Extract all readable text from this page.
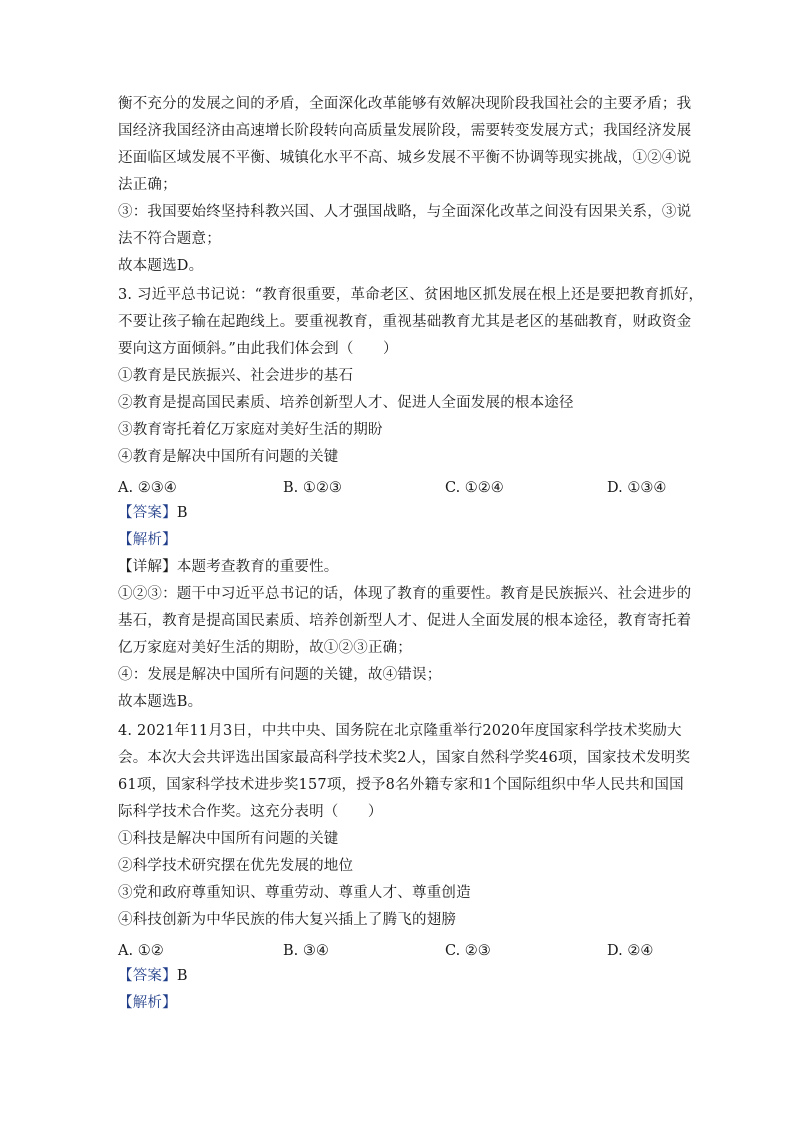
衡不充分的发展之间的矛盾，全面深化改革能够有效解决现阶段我国社会的主要矛盾；我
国经济我国经济由高速增长阶段转向高质量发展阶段，需要转变发展方式；我国经济发展
还面临区域发展不平衡、城镇化水平不高、城乡发展不平衡不协调等现实挑战，①②④说
法正确；
③：我国要始终坚持科教兴国、人才强国战略，与全面深化改革之间没有因果关系，③说
法不符合题意；
故本题选D。
3. 习近平总书记说：“教育很重要，革命老区、贫困地区抓发展在根上还是要把教育抓好，
不要让孩子输在起跑线上。要重视教育，重视基础教育尤其是老区的基础教育，财政资金
要向这方面倾斜。”由此我们体会到（　　）
①教育是民族振兴、社会进步的基石
②教育是提高国民素质、培养创新型人才、促进人全面发展的根本途径
③教育寄托着亿万家庭对美好生活的期盼
④教育是解决中国所有问题的关键
A. ②③④	B. ①②③	C. ①②④	D. ①③④
【答案】B
【解析】
【详解】本题考查教育的重要性。
①②③：题干中习近平总书记的话，体现了教育的重要性。教育是民族振兴、社会进步的
基石，教育是提高国民素质、培养创新型人才、促进人全面发展的根本途径，教育寄托着
亿万家庭对美好生活的期盼，故①②③正确；
④：发展是解决中国所有问题的关键，故④错误；
故本题选B。
4. 2021年11月3日，中共中央、国务院在北京隆重举行2020年度国家科学技术奖励大
会。本次大会共评选出国家最高科学技术奖2人，国家自然科学奖46项，国家技术发明奖
61项，国家科学技术进步奖157项，授予8名外籍专家和1个国际组织中华人民共和国国
际科学技术合作奖。这充分表明（　　）
①科技是解决中国所有问题的关键
②科学技术研究摆在优先发展的地位
③党和政府尊重知识、尊重劳动、尊重人才、尊重创造
④科技创新为中华民族的伟大复兴插上了腾飞的翅膀
A. ①②	B. ③④	C. ②③	D. ②④
【答案】B
【解析】
